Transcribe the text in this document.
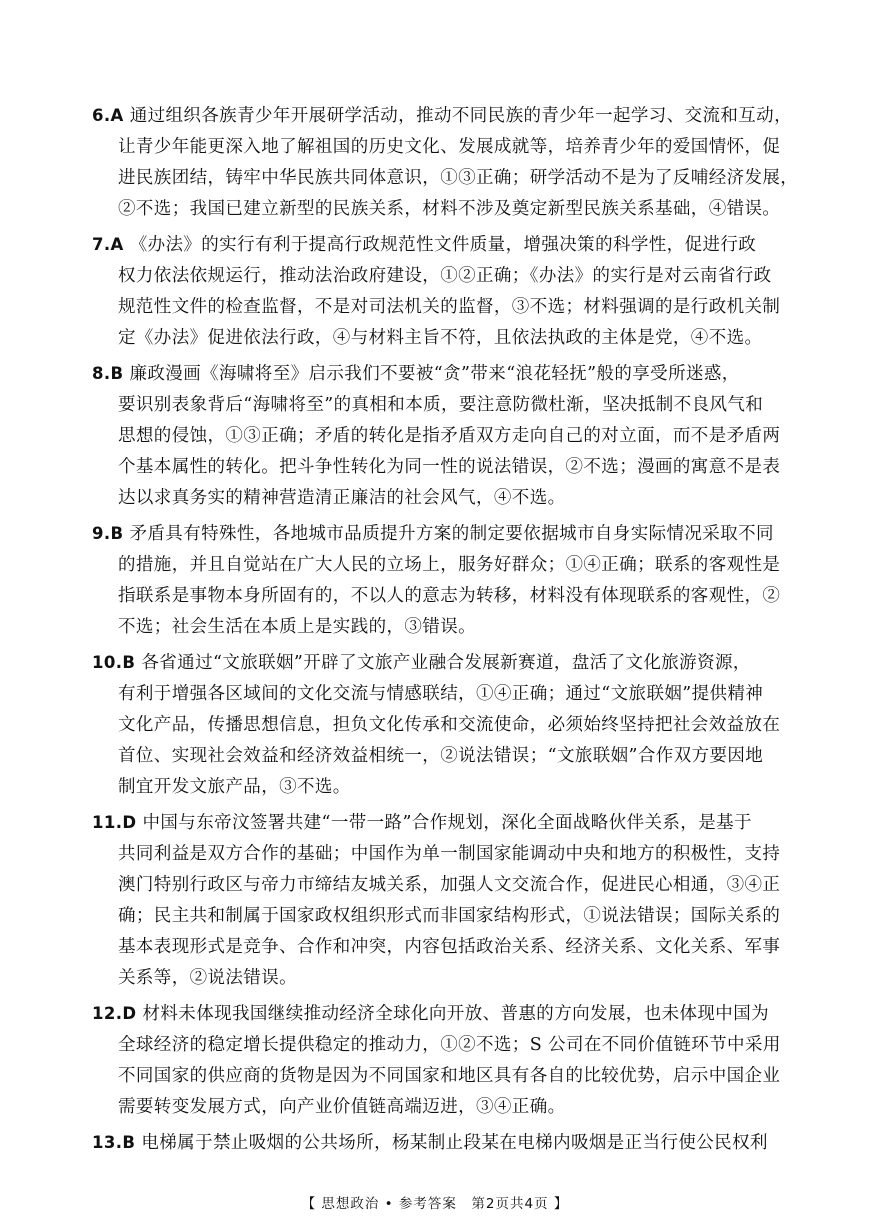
6.A 通过组织各族青少年开展研学活动，推动不同民族的青少年一起学习、交流和互动，
让青少年能更深入地了解祖国的历史文化、发展成就等，培养青少年的爱国情怀，促
进民族团结，铸牢中华民族共同体意识，①③正确；研学活动不是为了反哺经济发展，
②不选；我国已建立新型的民族关系，材料不涉及奠定新型民族关系基础，④错误。
7.A 《办法》的实行有利于提高行政规范性文件质量，增强决策的科学性，促进行政
权力依法依规运行，推动法治政府建设，①②正确；《办法》的实行是对云南省行政
规范性文件的检查监督，不是对司法机关的监督，③不选；材料强调的是行政机关制
定《办法》促进依法行政，④与材料主旨不符，且依法执政的主体是党，④不选。
8.B 廉政漫画《海啸将至》启示我们不要被“贪”带来“浪花轻抚”般的享受所迷惑，
要识别表象背后“海啸将至”的真相和本质，要注意防微杜渐，坚决抵制不良风气和
思想的侵蚀，①③正确；矛盾的转化是指矛盾双方走向自己的对立面，而不是矛盾两
个基本属性的转化。把斗争性转化为同一性的说法错误，②不选；漫画的寓意不是表
达以求真务实的精神营造清正廉洁的社会风气，④不选。
9.B 矛盾具有特殊性，各地城市品质提升方案的制定要依据城市自身实际情况采取不同
的措施，并且自觉站在广大人民的立场上，服务好群众；①④正确；联系的客观性是
指联系是事物本身所固有的，不以人的意志为转移，材料没有体现联系的客观性，②
不选；社会生活在本质上是实践的，③错误。
10.B 各省通过“文旅联姻”开辟了文旅产业融合发展新赛道，盘活了文化旅游资源，
有利于增强各区域间的文化交流与情感联结，①④正确；通过“文旅联姻”提供精神
文化产品，传播思想信息，担负文化传承和交流使命，必须始终坚持把社会效益放在
首位、实现社会效益和经济效益相统一，②说法错误；“文旅联姻”合作双方要因地
制宜开发文旅产品，③不选。
11.D 中国与东帝汶签署共建“一带一路”合作规划，深化全面战略伙伴关系，是基于
共同利益是双方合作的基础；中国作为单一制国家能调动中央和地方的积极性，支持
澳门特别行政区与帝力市缔结友城关系，加强人文交流合作，促进民心相通，③④正
确；民主共和制属于国家政权组织形式而非国家结构形式，①说法错误；国际关系的
基本表现形式是竞争、合作和冲突，内容包括政治关系、经济关系、文化关系、军事
关系等，②说法错误。
12.D 材料未体现我国继续推动经济全球化向开放、普惠的方向发展，也未体现中国为
全球经济的稳定增长提供稳定的推动力，①②不选；S 公司在不同价值链环节中采用
不同国家的供应商的货物是因为不同国家和地区具有各自的比较优势，启示中国企业
需要转变发展方式，向产业价值链高端迈进，③④正确。
13.B 电梯属于禁止吸烟的公共场所，杨某制止段某在电梯内吸烟是正当行使公民权利
【 思想政治 • 参考答案　第2页共4页 】
